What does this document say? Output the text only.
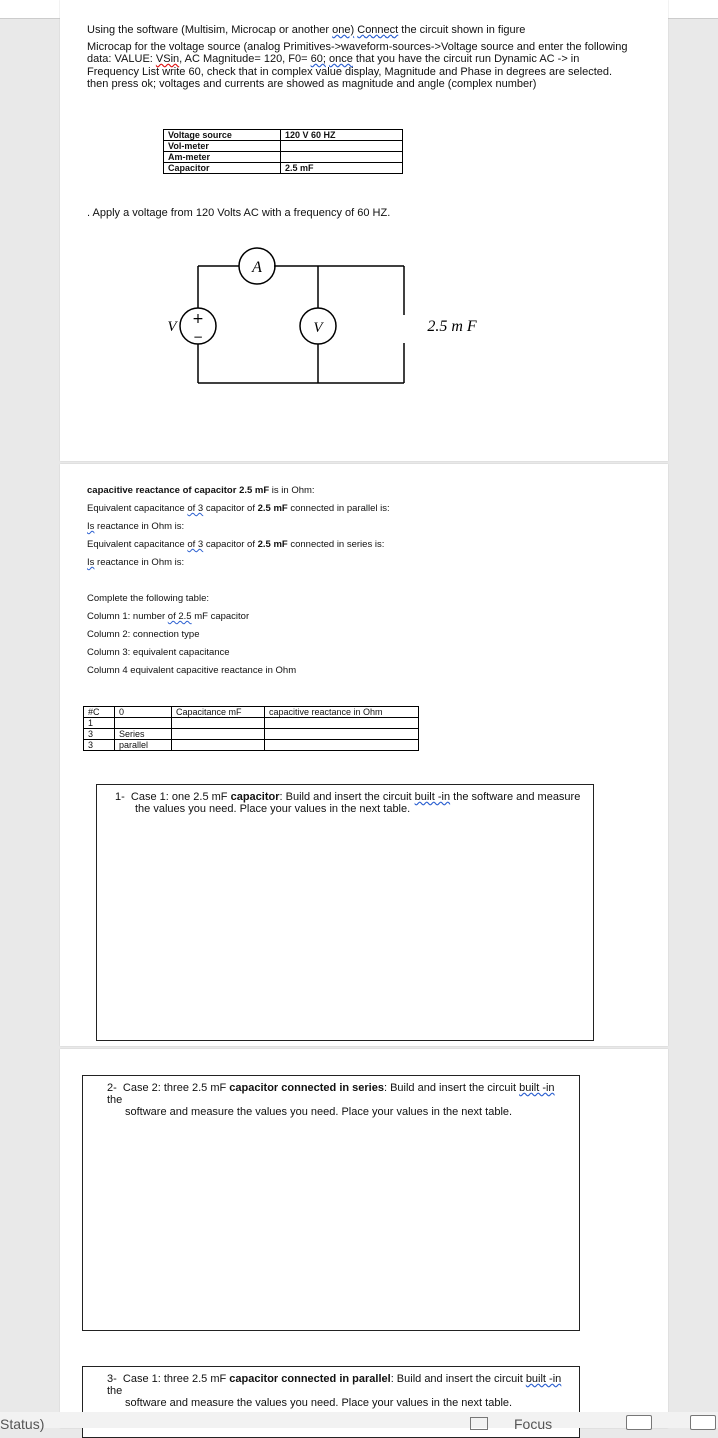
Using the software (Multisim, Microcap or another one) Connect the circuit shown in figure
Microcap for the voltage source (analog Primitives->waveform-sources->Voltage source and enter the following
data: VALUE: VSin, AC Magnitude= 120, F0= 60; once that you have the circuit run Dynamic AC -> in
Frequency List write 60, check that in complex value display, Magnitude and Phase in degrees are selected.
then press ok; voltages and currents are showed as magnitude and angle (complex number)
Voltage source	120 V 60 HZ
Vol-meter	
Am-meter	
Capacitor	2.5 mF
. Apply a voltage from 120 Volts AC with a frequency of 60 HZ.
A
V +
−
V	2.5 m F
capacitive reactance of capacitor 2.5 mF is in Ohm:
Equivalent capacitance of 3 capacitor of 2.5 mF connected in parallel is:
Is reactance in Ohm is:
Equivalent capacitance of 3 capacitor of 2.5 mF connected in series is:
Is reactance in Ohm is:
Complete the following table:
Column 1: number of 2.5 mF capacitor
Column 2: connection type
Column 3: equivalent capacitance
Column 4 equivalent capacitive reactance in Ohm
#C	0	Capacitance mF	capacitive reactance in Ohm
1			
3	Series		
3	parallel		
1- Case 1: one 2.5 mF capacitor: Build and insert the circuit built -in the software and measure
the values you need. Place your values in the next table.
2- Case 2: three 2.5 mF capacitor connected in series: Build and insert the circuit built -in the
software and measure the values you need. Place your values in the next table.
3- Case 1: three 2.5 mF capacitor connected in parallel: Build and insert the circuit built -in the
software and measure the values you need. Place your values in the next table.
Status)	Focus
